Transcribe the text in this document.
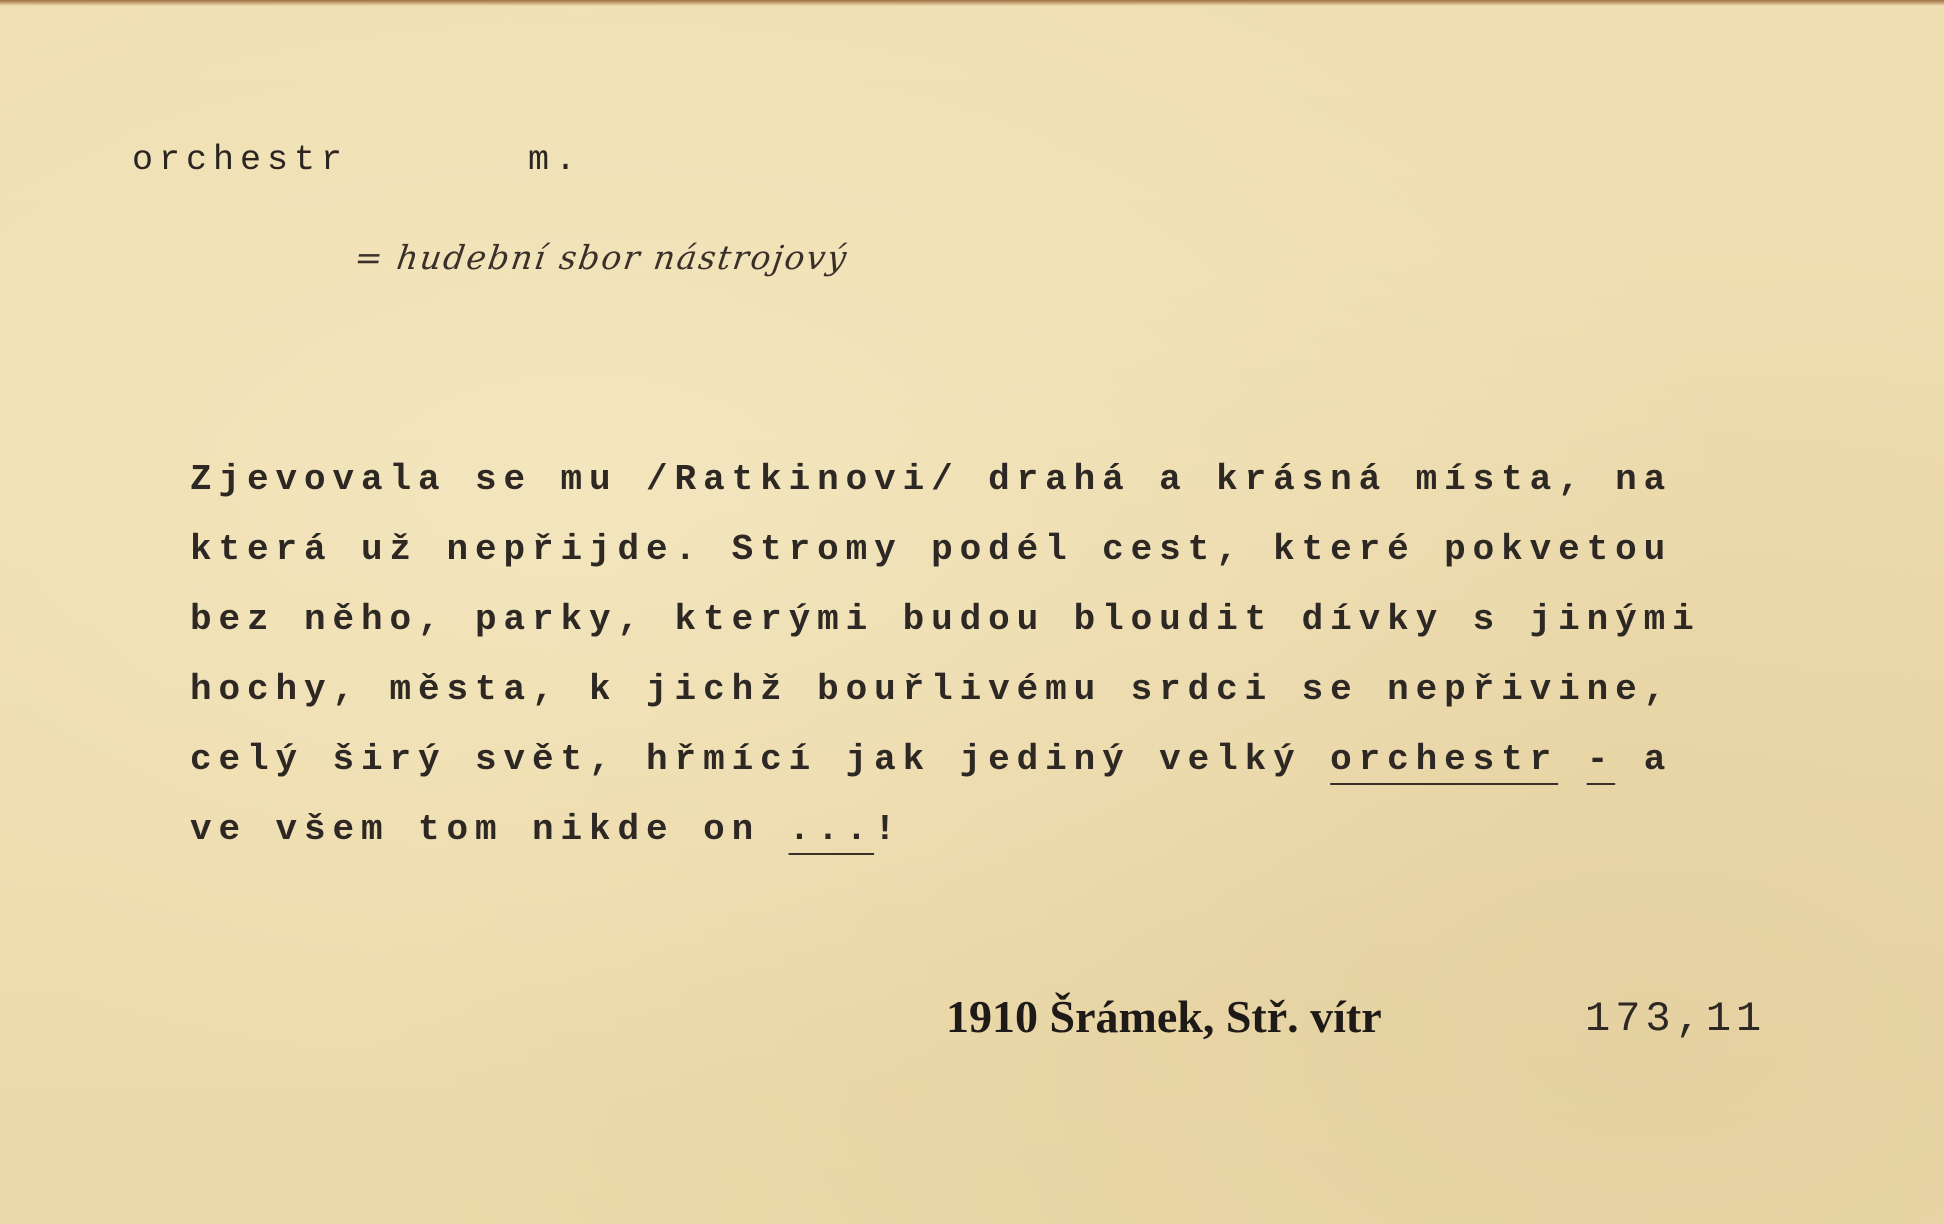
orchestr	m.
= hudební sbor nástrojový
Zjevovala se mu /Ratkinovi/ drahá a krásná místa, na
která už nepřijde. Stromy podél cest, které pokvetou
bez něho, parky, kterými budou bloudit dívky s jinými
hochy, města, k jichž bouřlivému srdci se nepřivine,
celý širý svět, hřmící jak jediný velký orchestr - a
ve všem tom nikde on ...!
1910 Šrámek, Stř. vítr	173,11
